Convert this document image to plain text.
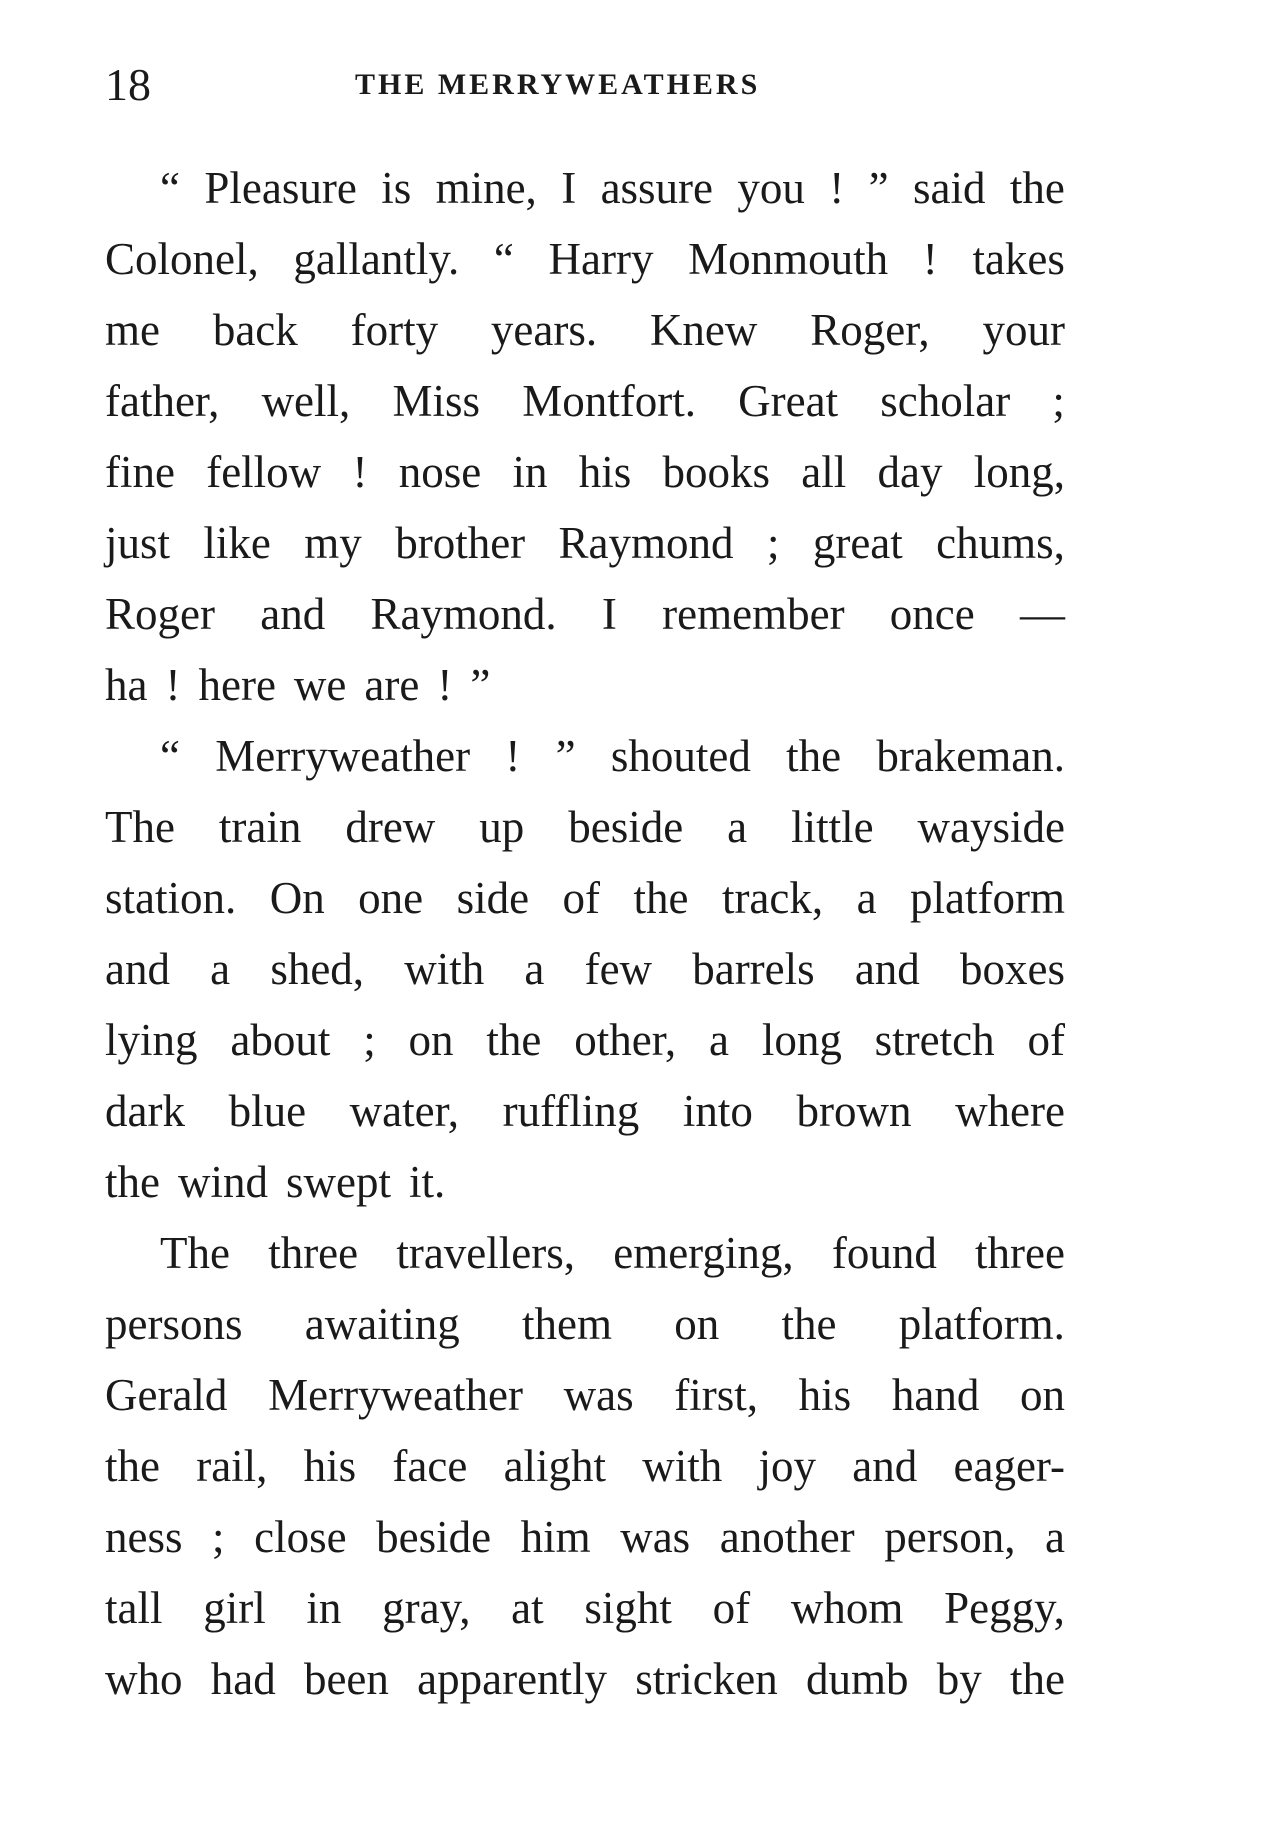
18	THE MERRYWEATHERS
“ Pleasure is mine, I assure you ! ” said the
Colonel, gallantly. “ Harry Monmouth ! takes
me back forty years. Knew Roger, your
father, well, Miss Montfort. Great scholar ;
fine fellow ! nose in his books all day long,
just like my brother Raymond ; great chums,
Roger and Raymond. I remember once —
ha ! here we are ! ”
“ Merryweather ! ” shouted the brakeman.
The train drew up beside a little wayside
station. On one side of the track, a platform
and a shed, with a few barrels and boxes
lying about ; on the other, a long stretch of
dark blue water, ruffling into brown where
the wind swept it.
The three travellers, emerging, found three
persons awaiting them on the platform.
Gerald Merryweather was first, his hand on
the rail, his face alight with joy and eager-
ness ; close beside him was another person, a
tall girl in gray, at sight of whom Peggy,
who had been apparently stricken dumb by the
